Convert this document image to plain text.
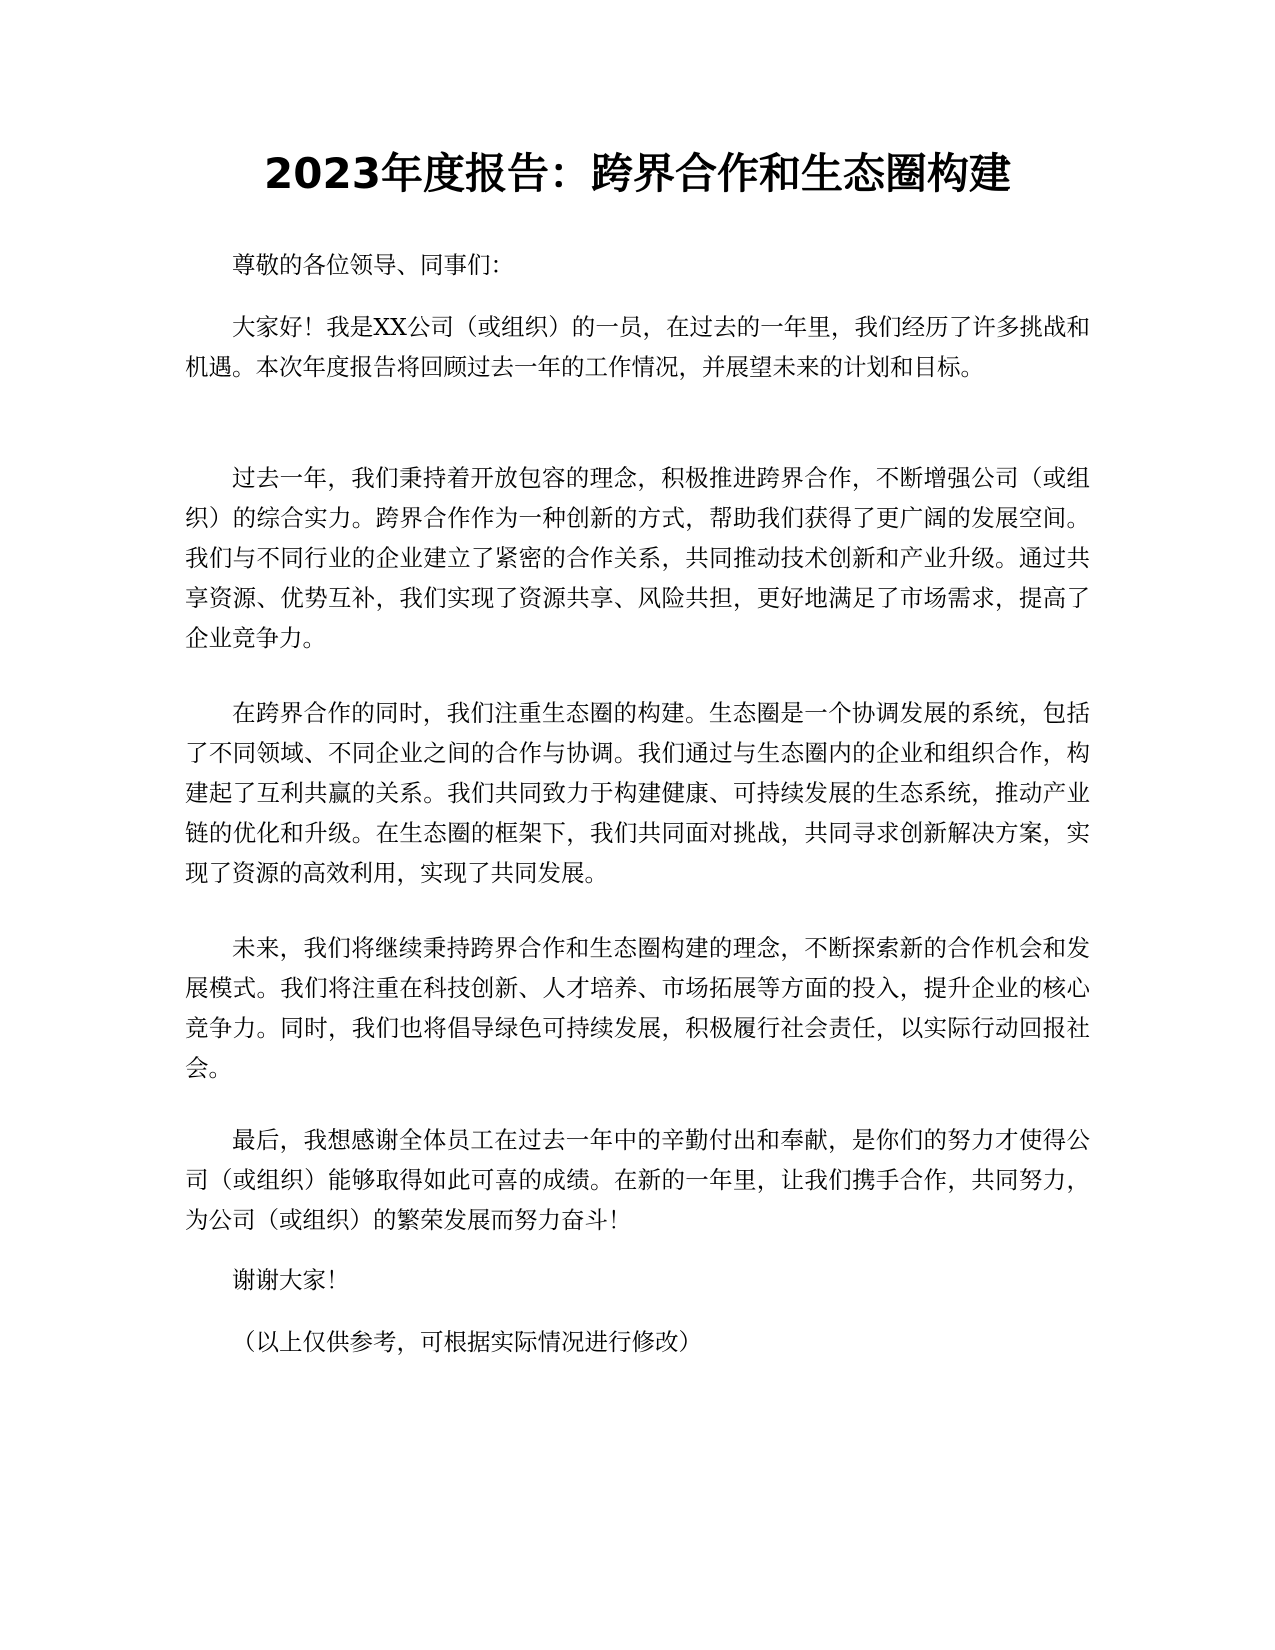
2023年度报告：跨界合作和生态圈构建

尊敬的各位领导、同事们：

大家好！我是XX公司（或组织）的一员，在过去的一年里，我们经历了许多挑战和机遇。本次年度报告将回顾过去一年的工作情况，并展望未来的计划和目标。

过去一年，我们秉持着开放包容的理念，积极推进跨界合作，不断增强公司（或组织）的综合实力。跨界合作作为一种创新的方式，帮助我们获得了更广阔的发展空间。我们与不同行业的企业建立了紧密的合作关系，共同推动技术创新和产业升级。通过共享资源、优势互补，我们实现了资源共享、风险共担，更好地满足了市场需求，提高了企业竞争力。

在跨界合作的同时，我们注重生态圈的构建。生态圈是一个协调发展的系统，包括了不同领域、不同企业之间的合作与协调。我们通过与生态圈内的企业和组织合作，构建起了互利共赢的关系。我们共同致力于构建健康、可持续发展的生态系统，推动产业链的优化和升级。在生态圈的框架下，我们共同面对挑战，共同寻求创新解决方案，实现了资源的高效利用，实现了共同发展。

未来，我们将继续秉持跨界合作和生态圈构建的理念，不断探索新的合作机会和发展模式。我们将注重在科技创新、人才培养、市场拓展等方面的投入，提升企业的核心竞争力。同时，我们也将倡导绿色可持续发展，积极履行社会责任，以实际行动回报社会。

最后，我想感谢全体员工在过去一年中的辛勤付出和奉献，是你们的努力才使得公司（或组织）能够取得如此可喜的成绩。在新的一年里，让我们携手合作，共同努力，为公司（或组织）的繁荣发展而努力奋斗！

谢谢大家！

（以上仅供参考，可根据实际情况进行修改）
